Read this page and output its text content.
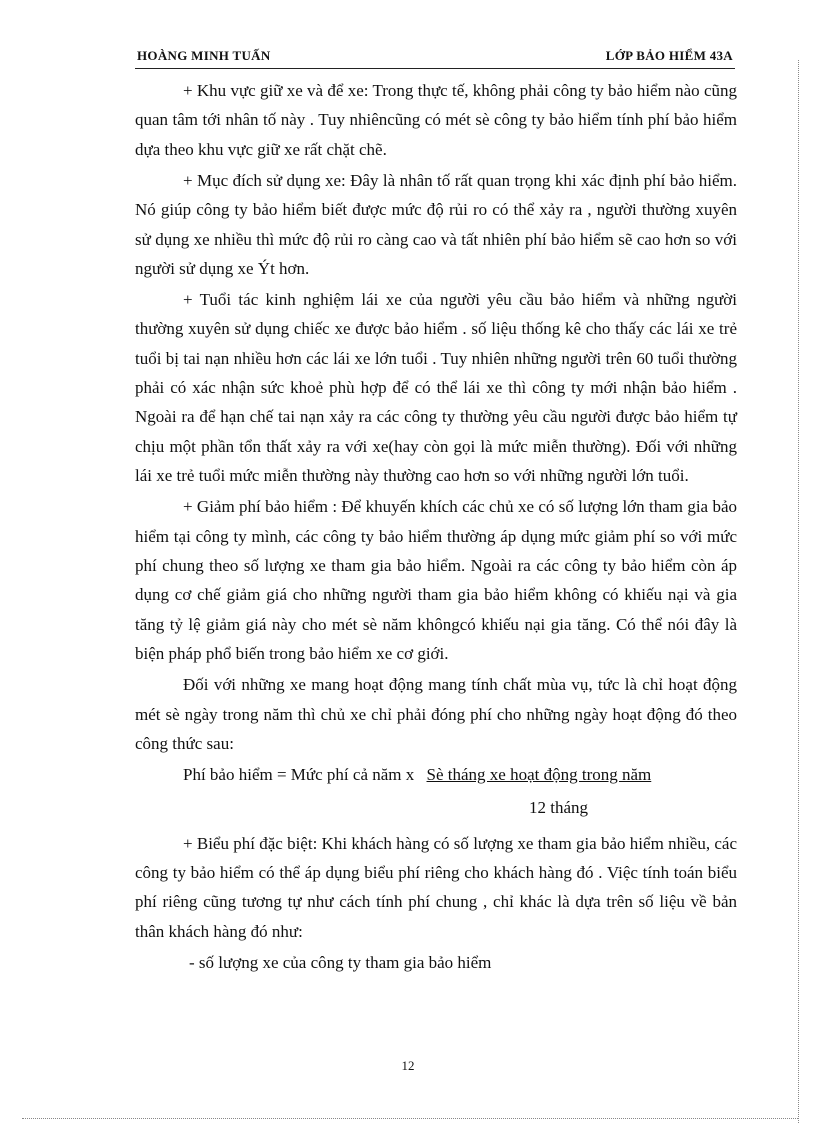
HOÀNG MINH TUẤN	LỚP BẢO HIỂM 43A

+ Khu vực giữ xe và để xe: Trong thực tế, không phải công ty bảo hiểm nào cũng quan tâm tới nhân tố này . Tuy nhiêncũng có mét sè công ty bảo hiểm tính phí bảo hiểm dựa theo khu vực giữ xe rất chặt chẽ.

+ Mục đích sử dụng xe: Đây là nhân tố rất quan trọng khi xác định phí bảo hiểm. Nó giúp công ty bảo hiểm biết được mức độ rủi ro có thể xảy ra , người thường xuyên sử dụng xe nhiều thì mức độ rủi ro càng cao và tất nhiên phí bảo hiểm sẽ cao hơn so với người sử dụng xe Ýt hơn.

+ Tuổi tác kinh nghiệm lái xe của người yêu cầu bảo hiểm và những người thường xuyên sử dụng chiếc xe được bảo hiểm . số liệu thống kê cho thấy các lái xe trẻ tuổi bị tai nạn nhiều hơn các lái xe lớn tuổi . Tuy nhiên những người trên 60 tuổi thường phải có xác nhận sức khoẻ phù hợp để có thể lái xe thì công ty mới nhận bảo hiểm . Ngoài ra để hạn chế tai nạn xảy ra các công ty thường yêu cầu người được bảo hiểm tự chịu một phần tổn thất xảy ra với xe(hay còn gọi là mức miễn thường). Đối với những lái xe trẻ tuổi mức miễn thường này thường cao hơn so với những người lớn tuổi.

+ Giảm phí bảo hiểm : Để khuyến khích các chủ xe có số lượng lớn tham gia bảo hiểm tại công ty mình, các công ty bảo hiểm thường áp dụng mức giảm phí so với mức phí chung theo số lượng xe tham gia bảo hiểm. Ngoài ra các công ty bảo hiểm còn áp dụng cơ chế giảm giá cho những người tham gia bảo hiểm không có khiếu nại và gia tăng tỷ lệ giảm giá này cho mét sè năm khôngcó khiếu nại gia tăng. Có thể nói đây là biện pháp phổ biến trong bảo hiểm xe cơ giới.

Đối với những xe mang hoạt động mang tính chất mùa vụ, tức là chỉ hoạt động mét sè ngày trong năm thì chủ xe chỉ phải đóng phí cho những ngày hoạt động đó theo công thức sau:

Phí bảo hiểm = Mức phí cả năm x Sè tháng xe hoạt động trong năm

12 tháng

+ Biểu phí đặc biệt: Khi khách hàng có số lượng xe tham gia bảo hiểm nhiều, các công ty bảo hiểm có thể áp dụng biểu phí riêng cho khách hàng đó . Việc tính toán biểu phí riêng cũng tương tự như cách tính phí chung , chỉ khác là dựa trên số liệu về bản thân khách hàng đó như:

- số lượng xe của công ty tham gia bảo hiểm

12
